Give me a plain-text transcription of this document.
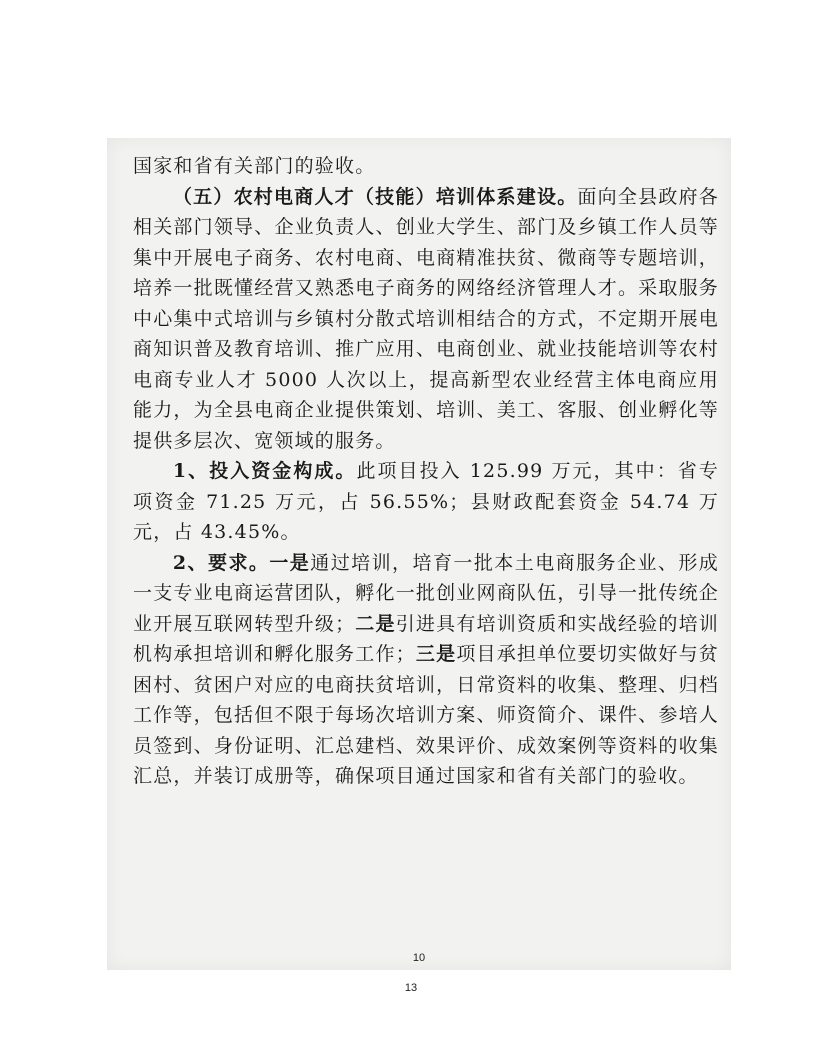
国家和省有关部门的验收。

（五）农村电商人才（技能）培训体系建设。面向全县政府各相关部门领导、企业负责人、创业大学生、部门及乡镇工作人员等集中开展电子商务、农村电商、电商精准扶贫、微商等专题培训，培养一批既懂经营又熟悉电子商务的网络经济管理人才。采取服务中心集中式培训与乡镇村分散式培训相结合的方式，不定期开展电商知识普及教育培训、推广应用、电商创业、就业技能培训等农村电商专业人才 5000 人次以上，提高新型农业经营主体电商应用能力，为全县电商企业提供策划、培训、美工、客服、创业孵化等提供多层次、宽领域的服务。

1、投入资金构成。此项目投入 125.99 万元，其中：省专项资金 71.25 万元，占 56.55%；县财政配套资金 54.74 万元，占 43.45%。

2、要求。一是通过培训，培育一批本土电商服务企业、形成一支专业电商运营团队，孵化一批创业网商队伍，引导一批传统企业开展互联网转型升级；二是引进具有培训资质和实战经验的培训机构承担培训和孵化服务工作；三是项目承担单位要切实做好与贫困村、贫困户对应的电商扶贫培训，日常资料的收集、整理、归档工作等，包括但不限于每场次培训方案、师资简介、课件、参培人员签到、身份证明、汇总建档、效果评价、成效案例等资料的收集汇总，并装订成册等，确保项目通过国家和省有关部门的验收。

10
13
